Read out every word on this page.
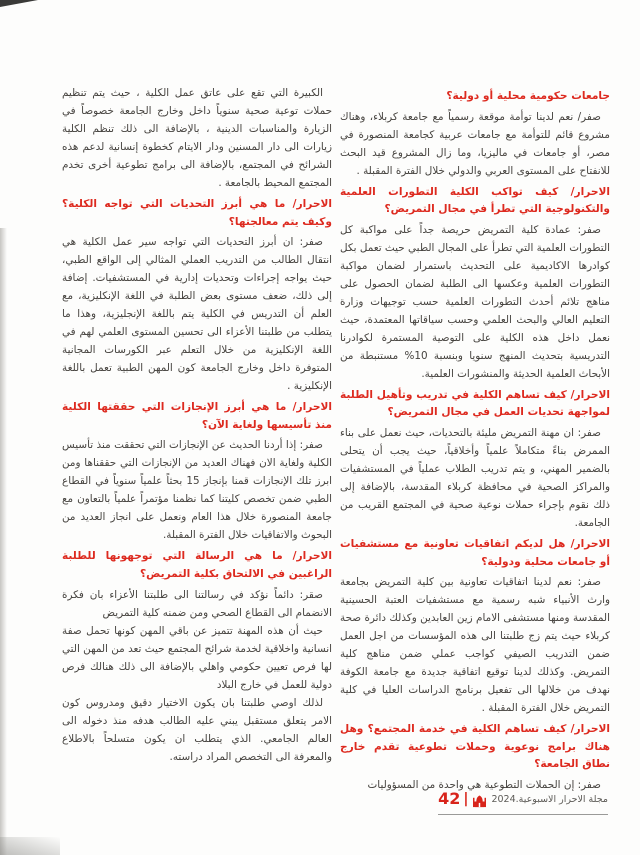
جامعات حكومية محلية أو دولية؟

صفر/ نعم لدينا توأمة موقعة رسمياً مع جامعة كربلاء، وهناك مشروع قائم للتوأمة مع جامعات عربية كجامعة المنصورة في مصر، أو جامعات في ماليزيا، وما زال المشروع قيد البحث للانفتاح على المستوى العربي والدولي خلال الفترة المقبلة .

الاحرار/ كيف تواكب الكلية التطورات العلمية والتكنولوجية التي تطرأ في مجال التمريض؟

صفر: عمادة كلية التمريض حريصة جداً على مواكبة كل التطورات العلمية التي تطرأ على المجال الطبي حيث تعمل بكل كوادرها الاكاديمية على التحديث باستمرار لضمان مواكبة التطورات العلمية وعكسها الى الطلبة لضمان الحصول على مناهج تلائم أحدث التطورات العلمية حسب توجيهات وزارة التعليم العالي والبحث العلمي وحسب سياقاتها المعتمدة، حيث نعمل داخل هذه الكلية على التوصية المستمرة لكوادرنا التدريسية بتحديث المنهج سنويا وبنسبة 10% مستنبطة من الأبحاث العلمية الحديثة والمنشورات العلمية.

الاحرار/ كيف تساهم الكلية في تدريب وتأهيل الطلبة لمواجهة تحديات العمل في مجال التمريض؟

صفر: ان مهنة التمريض مليئة بالتحديات، حيث نعمل على بناء الممرض بناءً متكاملاً علمياً وأخلاقياً، حيث يجب أن يتحلى بالضمير المهني، و يتم تدريب الطلاب عملياً في المستشفيات والمراكز الصحية في محافظة كربلاء المقدسة، بالإضافة إلى ذلك نقوم بإجراء حملات نوعية صحية في المجتمع القريب من الجامعة.

الاحرار/ هل لديكم اتفاقيات تعاونية مع مستشفيات أو جامعات محلية ودولية؟

صفر: نعم لدينا اتفاقيات تعاونية بين كلية التمريض بجامعة وارث الأنبياء شبه رسمية مع مستشفيات العتبة الحسينية المقدسة ومنها مستشفى الامام زين العابدين وكذلك دائرة صحة كربلاء حيث يتم زج طلبتنا الى هذه المؤسسات من اجل العمل ضمن التدريب الصيفي كواجب عملي ضمن مناهج كلية التمريض. وكذلك لدينا توقيع اتفاقية جديدة مع جامعة الكوفة نهدف من خلالها الى تفعيل برنامج الدراسات العليا في كلية التمريض خلال الفترة المقبلة .

الاحرار/ كيف تساهم الكلية في خدمة المجتمع؟ وهل هناك برامج نوعوية وحملات تطوعية تقدم خارج نطاق الجامعة؟

صفر: إن الحملات التطوعية هي واحدة من المسؤوليات

الكبيرة التي تقع على عاتق عمل الكلية ، حيث يتم تنظيم حملات توعية صحية سنوياً داخل وخارج الجامعة خصوصاً في الزيارة والمناسبات الدينية ، بالإضافة الى ذلك تنظم الكلية زيارات الى دار المسنين ودار الايتام كخطوة إنسانية لدعم هذه الشرائح في المجتمع، بالإضافة الى برامج تطوعية أخرى تخدم المجتمع المحيط بالجامعة .

الاحرار/ ما هي أبرز التحديات التي تواجه الكلية؟ وكيف يتم معالجتها؟

صفر: ان أبرز التحديات التي تواجه سير عمل الكلية هي انتقال الطالب من التدريب العملي المثالي إلى الواقع الطبي، حيث يواجه إجراءات وتحديات إدارية في المستشفيات. إضافة إلى ذلك، ضعف مستوى بعض الطلبة في اللغة الإنكليزية، مع العلم أن التدريس في الكلية يتم باللغة الإنجليزية، وهذا ما يتطلب من طلبتنا الأعزاء الى تحسين المستوى العلمي لهم في اللغة الإنكليزية من خلال التعلم عبر الكورسات المجانية المتوفرة داخل وخارج الجامعة كون المهن الطبية تعمل باللغة الإنكليزية .

الاحرار/ ما هي أبرز الإنجازات التي حققتها الكلية منذ تأسيسها ولغاية الآن؟

صفر: إذا أردنا الحديث عن الإنجازات التي تحققت منذ تأسيس الكلية ولغاية الان فهناك العديد من الإنجازات التي حققناها ومن ابرز تلك الإنجازات قمنا بإنجاز 15 بحثاً علمياً سنوياً في القطاع الطبي ضمن تخصص كليتنا كما نظمنا مؤتمراً علمياً بالتعاون مع جامعة المنصورة خلال هذا العام ونعمل على انجاز العديد من البحوث والاتفاقيات خلال الفترة المقبلة.

الاحرار/ ما هي الرسالة التي توجهونها للطلبة الراغبين في الالتحاق بكلية التمريض؟

صقر: دائماً نؤكد في رسالتنا الى طلبتنا الأعزاء بان فكرة الانضمام الى القطاع الصحي ومن ضمنه كلية التمريض

حيث أن هذه المهنة تتميز عن باقي المهن كونها تحمل صفة انسانية واخلاقية لخدمة شرائح المجتمع حيث تعد من المهن التي لها فرص تعيين حكومي واهلي بالإضافة الى ذلك هنالك فرص دولية للعمل في خارج البلاد

لذلك اوصي طلبتنا بان يكون الاختيار دقيق ومدروس كون الامر يتعلق مستقبل يبني عليه الطالب هدفه منذ دخوله الى العالم الجامعي. الذي يتطلب ان يكون متسلحاً بالاطلاع والمعرفة الى التخصص المراد دراسته.

42 | مجلة الاحرار الاسبوعية.2024
